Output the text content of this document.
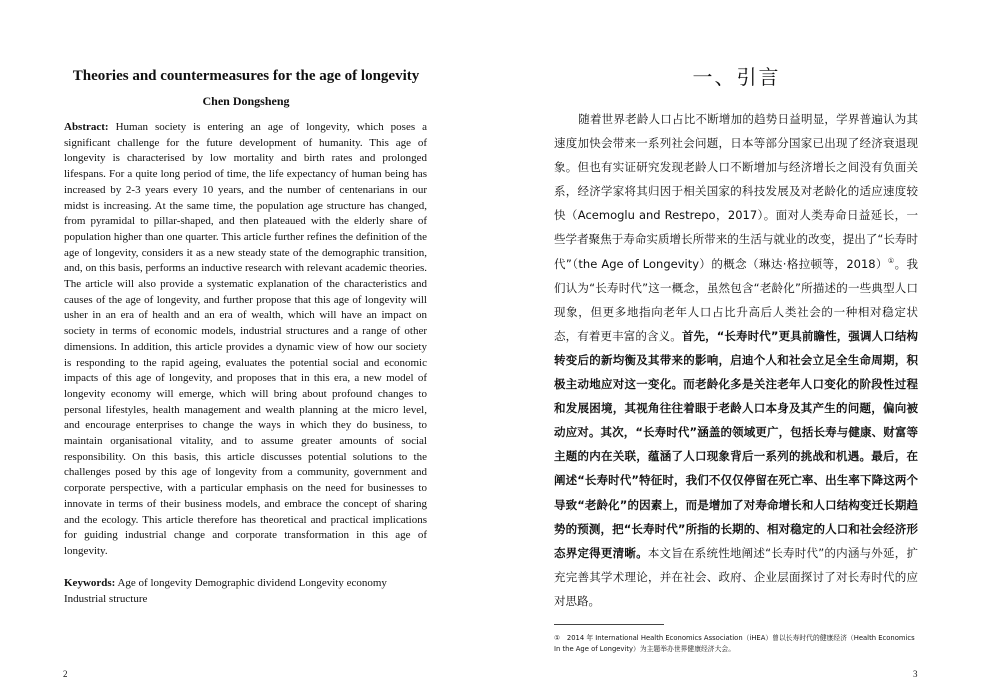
Theories and countermeasures for the age of longevity
Chen Dongsheng

Abstract: Human society is entering an age of longevity, which poses a significant challenge for the future development of humanity. This age of longevity is characterised by low mortality and birth rates and prolonged lifespans. For a quite long period of time, the life expectancy of human being has increased by 2-3 years every 10 years, and the number of centenarians in our midst is increasing. At the same time, the population age structure has changed, from pyramidal to pillar-shaped, and then plateaued with the elderly share of population higher than one quarter. This article further refines the definition of the age of longevity, considers it as a new steady state of the demographic transition, and, on this basis, performs an inductive research with relevant academic theories. The article will also provide a systematic explanation of the characteristics and causes of the age of longevity, and further propose that this age of longevity will usher in an era of health and an era of wealth, which will have an impact on society in terms of economic models, industrial structures and a range of other dimensions. In addition, this article provides a dynamic view of how our society is responding to the rapid ageing, evaluates the potential social and economic impacts of this age of longevity, and proposes that in this era, a new model of longevity economy will emerge, which will bring about profound changes to personal lifestyles, health management and wealth planning at the micro level, and encourage enterprises to change the ways in which they do business, to maintain organisational vitality, and to assume greater amounts of social responsibility. On this basis, this article discusses potential solutions to the challenges posed by this age of longevity from a community, government and corporate perspective, with a particular emphasis on the need for businesses to innovate in terms of their business models, and embrace the concept of sharing and the ecology. This article therefore has theoretical and practical implications for guiding industrial change and corporate transformation in this age of longevity.

Keywords: Age of longevity Demographic dividend Longevity economy Industrial structure

2
一、引言

随着世界老龄人口占比不断增加的趋势日益明显，学界普遍认为其速度加快会带来一系列社会问题，日本等部分国家已出现了经济衰退现象。但也有实证研究发现老龄人口不断增加与经济增长之间没有负面关系，经济学家将其归因于相关国家的科技发展及对老龄化的适应速度较快（Acemoglu and Restrepo，2017）。面对人类寿命日益延长，一些学者聚焦于寿命实质增长所带来的生活与就业的改变，提出了“长寿时代”（the Age of Longevity）的概念（琳达·格拉顿等，2018）①。我们认为“长寿时代”这一概念，虽然包含“老龄化”所描述的一些典型人口现象，但更多地指向老年人口占比升高后人类社会的一种相对稳定状态，有着更丰富的含义。首先，“长寿时代”更具前瞻性，强调人口结构转变后的新均衡及其带来的影响，启迪个人和社会立足全生命周期，积极主动地应对这一变化。而老龄化多是关注老年人口变化的阶段性过程和发展困境，其视角往往着眼于老龄人口本身及其产生的问题，偏向被动应对。其次，“长寿时代”涵盖的领域更广，包括长寿与健康、财富等主题的内在关联，蕴涵了人口现象背后一系列的挑战和机遇。最后，在阐述“长寿时代”特征时，我们不仅仅停留在死亡率、出生率下降这两个导致“老龄化”的因素上，而是增加了对寿命增长和人口结构变迁长期趋势的预测，把“长寿时代”所指的长期的、相对稳定的人口和社会经济形态界定得更清晰。本文旨在系统性地阐述“长寿时代”的内涵与外延，扩充完善其学术理论，并在社会、政府、企业层面探讨了对长寿时代的应对思路。

①　2014 年 International Health Economics Association（iHEA）曾以长寿时代的健康经济（Health Economics In the Age of Longevity）为主题举办世界健康经济大会。

3
